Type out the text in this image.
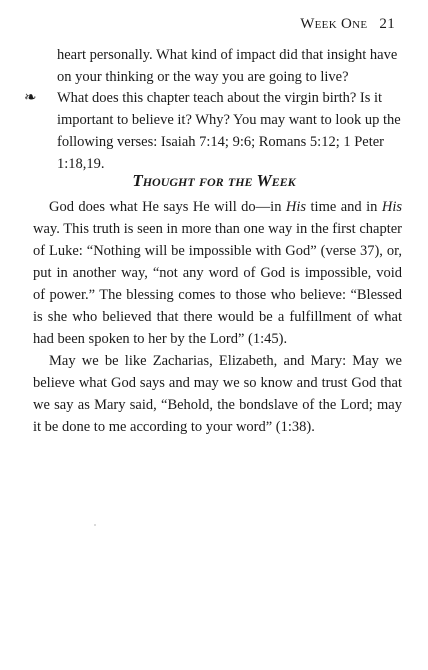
Week One 21

heart personally. What kind of impact did that insight have on your thinking or the way you are going to live?

❧ What does this chapter teach about the virgin birth? Is it important to believe it? Why? You may want to look up the following verses: Isaiah 7:14; 9:6; Romans 5:12; 1 Peter 1:18,19.
Thought for the Week

God does what He says He will do—in His time and in His way. This truth is seen in more than one way in the first chapter of Luke: “Nothing will be impossible with God” (verse 37), or, put in another way, “not any word of God is impossible, void of power.” The blessing comes to those who believe: “Blessed is she who believed that there would be a fulfillment of what had been spoken to her by the Lord” (1:45).

May we be like Zacharias, Elizabeth, and Mary: May we believe what God says and may we so know and trust God that we say as Mary said, “Behold, the bondslave of the Lord; may it be done to me according to your word” (1:38).
